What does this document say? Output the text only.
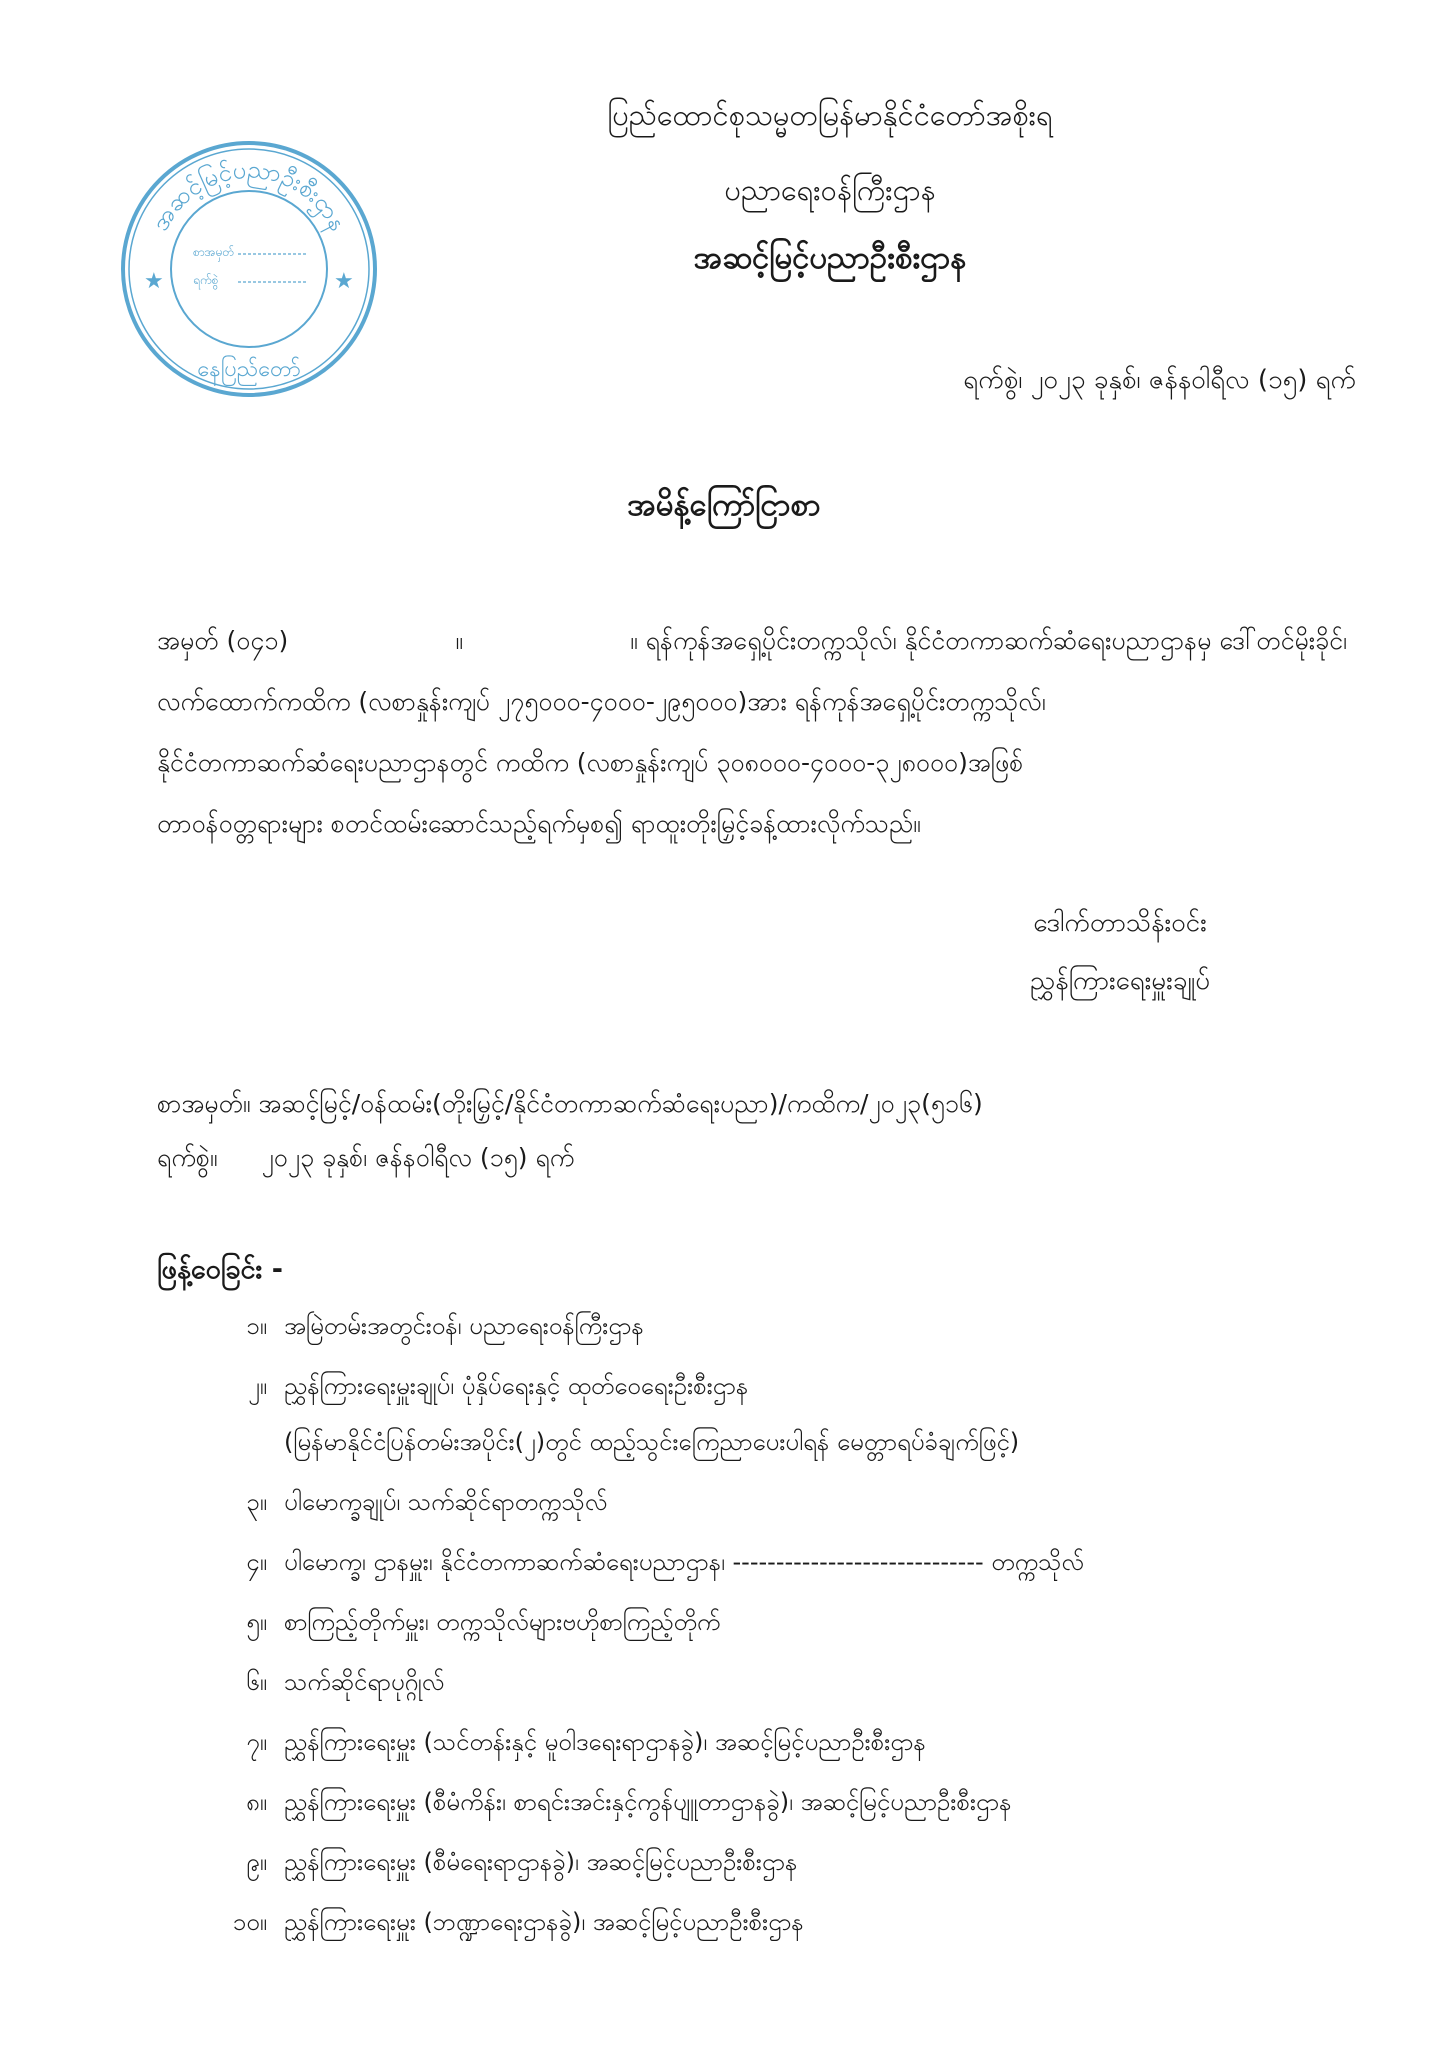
အဆင့်မြင့်ပညာဦးစီးဌာန
စာအမှတ်
ရက်စွဲ
★	★
နေပြည်တော်
ပြည်ထောင်စုသမ္မတမြန်မာနိုင်ငံတော်အစိုးရ
ပညာရေးဝန်ကြီးဌာန
အဆင့်မြင့်ပညာဦးစီးဌာန
ရက်စွဲ၊ ၂၀၂၃ ခုနှစ်၊ ဇန်နဝါရီလ (၁၅) ရက်
အမိန့်ကြော်ငြာစာ
အမှတ် (၀၄၁)	။	။ ရန်ကုန်အရှေ့ပိုင်းတက္ကသိုလ်၊ နိုင်ငံတကာဆက်ဆံရေးပညာဌာနမှ ဒေါ်တင်မိုးခိုင်၊
လက်ထောက်ကထိက (လစာနှုန်းကျပ် ၂၇၅၀၀၀-၄၀၀၀-၂၉၅၀၀၀)အား ရန်ကုန်အရှေ့ပိုင်းတက္ကသိုလ်၊
နိုင်ငံတကာဆက်ဆံရေးပညာဌာနတွင် ကထိက (လစာနှုန်းကျပ် ၃၀၈၀၀၀-၄၀၀၀-၃၂၈၀၀၀)အဖြစ်
တာဝန်ဝတ္တရားများ စတင်ထမ်းဆောင်သည့်ရက်မှစ၍ ရာထူးတိုးမြှင့်ခန့်ထားလိုက်သည်။
ဒေါက်တာသိန်းဝင်း
ညွှန်ကြားရေးမှူးချုပ်
စာအမှတ်။ အဆင့်မြင့်/ဝန်ထမ်း(တိုးမြှင့်/နိုင်ငံတကာဆက်ဆံရေးပညာ)/ကထိက/၂၀၂၃(၅၁၆)
ရက်စွဲ။ ၂၀၂၃ ခုနှစ်၊ ဇန်နဝါရီလ (၁၅) ရက်
ဖြန့်ဝေခြင်း -
၁။ အမြဲတမ်းအတွင်းဝန်၊ ပညာရေးဝန်ကြီးဌာန
၂။ ညွှန်ကြားရေးမှူးချုပ်၊ ပုံနှိပ်ရေးနှင့် ထုတ်ဝေရေးဦးစီးဌာန
(မြန်မာနိုင်ငံပြန်တမ်းအပိုင်း(၂)တွင် ထည့်သွင်းကြေညာပေးပါရန် မေတ္တာရပ်ခံချက်ဖြင့်)
၃။ ပါမောက္ခချုပ်၊ သက်ဆိုင်ရာတက္ကသိုလ်
၄။ ပါမောက္ခ၊ ဌာနမှူး၊ နိုင်ငံတကာဆက်ဆံရေးပညာဌာန၊ ----------------------------- တက္ကသိုလ်
၅။ စာကြည့်တိုက်မှူး၊ တက္ကသိုလ်များဗဟိုစာကြည့်တိုက်
၆။ သက်ဆိုင်ရာပုဂ္ဂိုလ်
၇။ ညွှန်ကြားရေးမှူး (သင်တန်းနှင့် မူဝါဒရေးရာဌာနခွဲ)၊ အဆင့်မြင့်ပညာဦးစီးဌာန
၈။ ညွှန်ကြားရေးမှူး (စီမံကိန်း၊ စာရင်းအင်းနှင့်ကွန်ပျူတာဌာနခွဲ)၊ အဆင့်မြင့်ပညာဦးစီးဌာန
၉။ ညွှန်ကြားရေးမှူး (စီမံရေးရာဌာနခွဲ)၊ အဆင့်မြင့်ပညာဦးစီးဌာန
၁၀။ ညွှန်ကြားရေးမှူး (ဘဏ္ဍာရေးဌာနခွဲ)၊ အဆင့်မြင့်ပညာဦးစီးဌာန
